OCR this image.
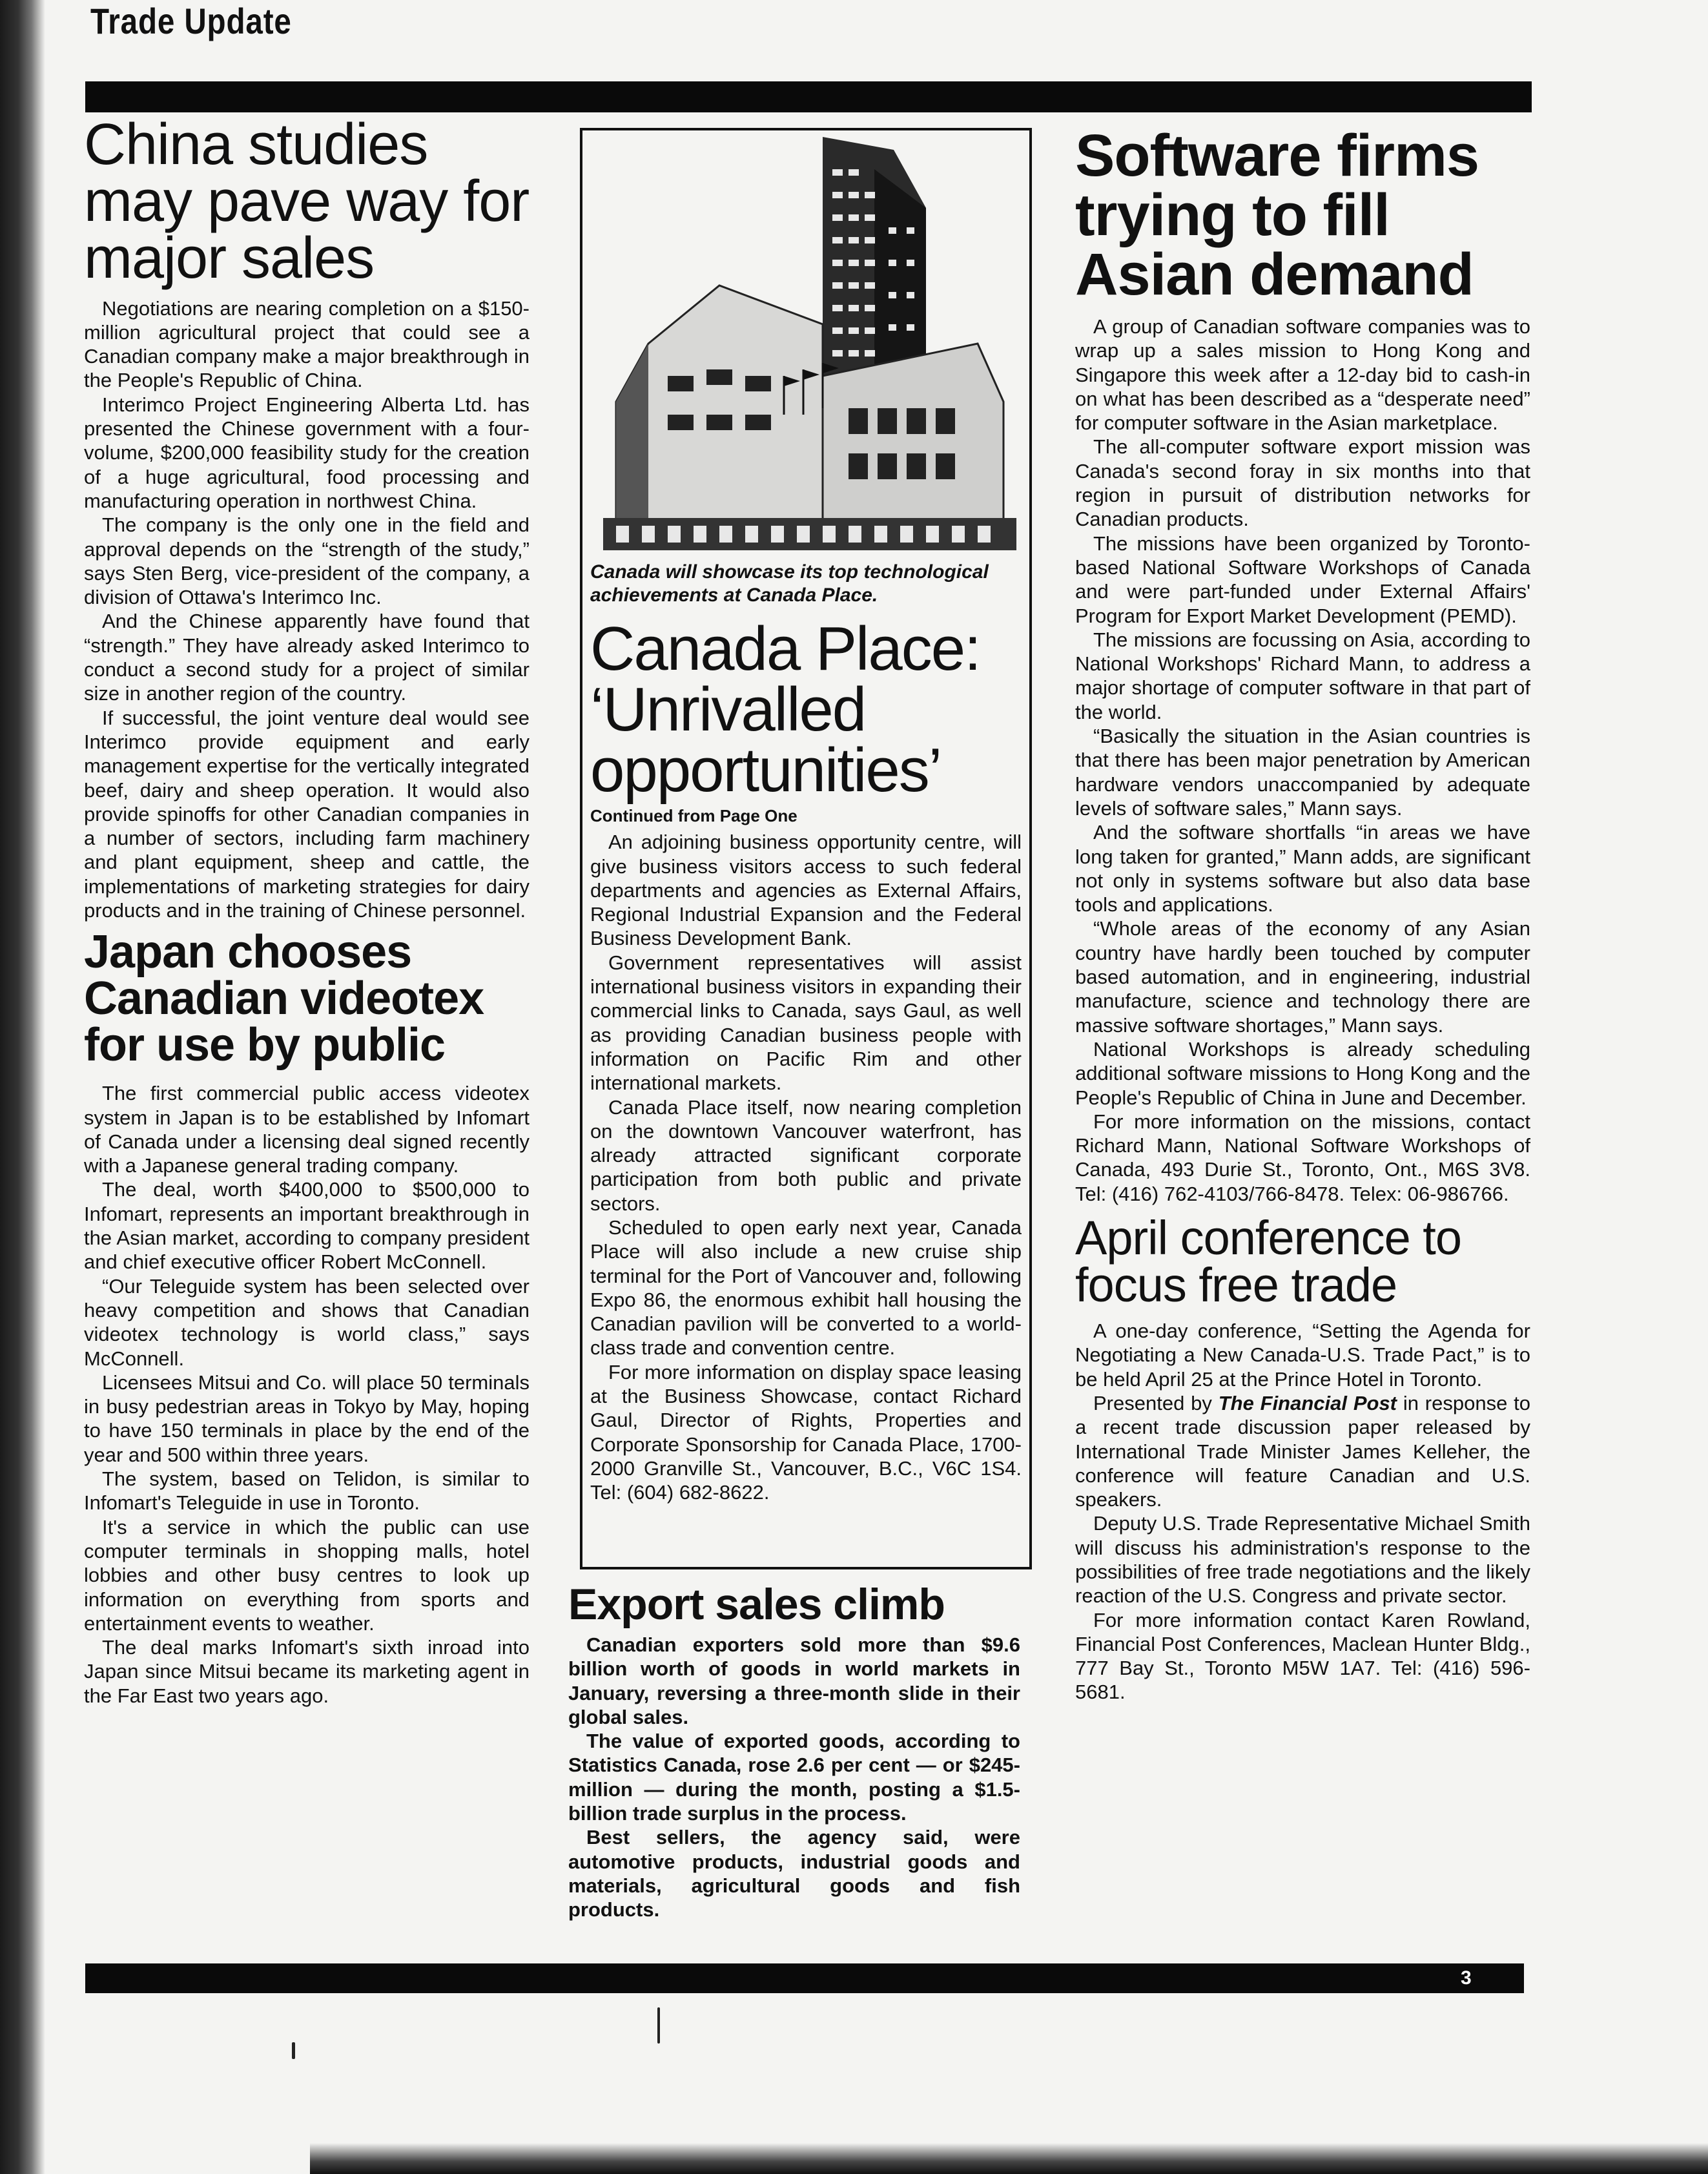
Trade Update
China studies may pave way for major sales

Negotiations are nearing completion on a $150-million agricultural project that could see a Canadian company make a major breakthrough in the People's Republic of China.

Interimco Project Engineering Alberta Ltd. has presented the Chinese government with a four-volume, $200,000 feasibility study for the creation of a huge agricultural, food processing and manufacturing operation in northwest China.

The company is the only one in the field and approval depends on the “strength of the study,” says Sten Berg, vice-president of the company, a division of Ottawa's Interimco Inc.

And the Chinese apparently have found that “strength.” They have already asked Interimco to conduct a second study for a project of similar size in another region of the country.

If successful, the joint venture deal would see Interimco provide equipment and early management expertise for the vertically integrated beef, dairy and sheep operation. It would also provide spinoffs for other Canadian companies in a number of sectors, including farm machinery and plant equipment, sheep and cattle, the implementations of marketing strategies for dairy products and in the training of Chinese personnel.

Japan chooses Canadian videotex for use by public

The first commercial public access videotex system in Japan is to be established by Infomart of Canada under a licensing deal signed recently with a Japanese general trading company.

The deal, worth $400,000 to $500,000 to Infomart, represents an important breakthrough in the Asian market, according to company president and chief executive officer Robert McConnell.

“Our Teleguide system has been selected over heavy competition and shows that Canadian videotex technology is world class,” says McConnell.

Licensees Mitsui and Co. will place 50 terminals in busy pedestrian areas in Tokyo by May, hoping to have 150 terminals in place by the end of the year and 500 within three years.

The system, based on Telidon, is similar to Infomart's Teleguide in use in Toronto.

It's a service in which the public can use computer terminals in shopping malls, hotel lobbies and other busy centres to look up information on everything from sports and entertainment events to weather.

The deal marks Infomart's sixth inroad into Japan since Mitsui became its marketing agent in the Far East two years ago.

Canada will showcase its top technological achievements at Canada Place.

Canada Place: ‘Unrivalled opportunities’
Continued from Page One

An adjoining business opportunity centre, will give business visitors access to such federal departments and agencies as External Affairs, Regional Industrial Expansion and the Federal Business Development Bank.

Government representatives will assist international business visitors in expanding their commercial links to Canada, says Gaul, as well as providing Canadian business people with information on Pacific Rim and other international markets.

Canada Place itself, now nearing completion on the downtown Vancouver waterfront, has already attracted significant corporate participation from both public and private sectors.

Scheduled to open early next year, Canada Place will also include a new cruise ship terminal for the Port of Vancouver and, following Expo 86, the enormous exhibit hall housing the Canadian pavilion will be converted to a world-class trade and convention centre.

For more information on display space leasing at the Business Showcase, contact Richard Gaul, Director of Rights, Properties and Corporate Sponsorship for Canada Place, 1700-2000 Granville St., Vancouver, B.C., V6C 1S4. Tel: (604) 682-8622.

Export sales climb

Canadian exporters sold more than $9.6 billion worth of goods in world markets in January, reversing a three-month slide in their global sales.

The value of exported goods, according to Statistics Canada, rose 2.6 per cent — or $245-million — during the month, posting a $1.5-billion trade surplus in the process.

Best sellers, the agency said, were automotive products, industrial goods and materials, agricultural goods and fish products.

Software firms trying to fill Asian demand

A group of Canadian software companies was to wrap up a sales mission to Hong Kong and Singapore this week after a 12-day bid to cash-in on what has been described as a “desperate need” for computer software in the Asian marketplace.

The all-computer software export mission was Canada's second foray in six months into that region in pursuit of distribution networks for Canadian products.

The missions have been organized by Toronto-based National Software Workshops of Canada and were part-funded under External Affairs' Program for Export Market Development (PEMD).

The missions are focussing on Asia, according to National Workshops' Richard Mann, to address a major shortage of computer software in that part of the world.

“Basically the situation in the Asian countries is that there has been major penetration by American hardware vendors unaccompanied by adequate levels of software sales,” Mann says.

And the software shortfalls “in areas we have long taken for granted,” Mann adds, are significant not only in systems software but also data base tools and applications.

“Whole areas of the economy of any Asian country have hardly been touched by computer based automation, and in engineering, industrial manufacture, science and technology there are massive software shortages,” Mann says.

National Workshops is already scheduling additional software missions to Hong Kong and the People's Republic of China in June and December.

For more information on the missions, contact Richard Mann, National Software Workshops of Canada, 493 Durie St., Toronto, Ont., M6S 3V8. Tel: (416) 762-4103/766-8478. Telex: 06-986766.

April conference to focus free trade

A one-day conference, “Setting the Agenda for Negotiating a New Canada-U.S. Trade Pact,” is to be held April 25 at the Prince Hotel in Toronto.

Presented by The Financial Post in response to a recent trade discussion paper released by International Trade Minister James Kelleher, the conference will feature Canadian and U.S. speakers.

Deputy U.S. Trade Representative Michael Smith will discuss his administration's response to the possibilities of free trade negotiations and the likely reaction of the U.S. Congress and private sector.

For more information contact Karen Rowland, Financial Post Conferences, Maclean Hunter Bldg., 777 Bay St., Toronto M5W 1A7. Tel: (416) 596-5681.

3
